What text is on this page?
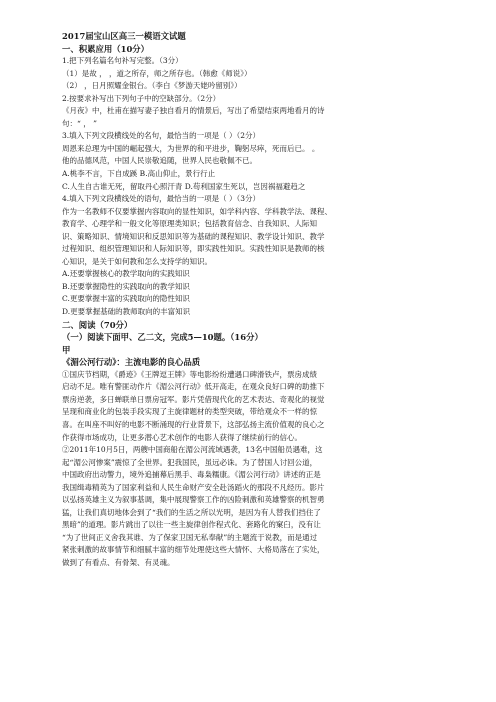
2017届宝山区高三一模语文试题
一、积累应用（10分）
1.把下列名篇名句补写完整。（3分）
（1）是故 ， ，道之所存，师之所存也。（韩愈《师说》）
（2） ，日月照耀金银台。（李白《梦游天姥吟留别》）
2.按要求补写出下列句子中的空缺部分。（2分）
《月夜》中，杜甫在描写妻子独自看月的情景后，写出了希望结束两地看月的诗
句：“ ， ”
3.填入下列文段横线处的名句，最恰当的一项是（ ）（2分）
周恩来总理为中国的崛起强大，为世界的和平进步，鞠躬尽瘁，死而后已。 。
他的品德风范，中国人民崇敬追随，世界人民也敬佩不已。
A.桃李不言，下自成蹊 B.高山仰止，景行行止
C.人生自古谁无死，留取丹心照汗青 D.苟利国家生死以，岂因祸福避趋之
4.填入下列文段横线处的语句，最恰当的一项是（ ）（3分）
作为一名教师不仅要掌握内容取向的显性知识，如学科内容、学科教学法、课程、
教育学、心理学和一般文化等原理类知识；包括教育信念、自我知识、人际知
识、策略知识、情境知识和反思知识等为基础的课程知识、教学设计知识、教学
过程知识、组织管理知识和人际知识等，即实践性知识。实践性知识是教师的核
心知识，是关于如何教和怎么支持学的知识。
A.还要掌握核心的教学取向的实践知识
B.还要掌握隐性的实践取向的教学知识
C.更要掌握丰富的实践取向的隐性知识
D.更要掌握基础的教师取向的丰富知识
二、阅读（70分）
（一）阅读下面甲、乙二文，完成5—10题。（16分）
甲
《湄公河行动》：主流电影的良心品质
①国庆节档期，《爵迹》《王牌逗王牌》等电影纷纷遭遇口碑滑铁卢，票房成绩
启动不足。唯有警匪动作片《湄公河行动》低开高走，在观众良好口碑的助推下
票房逆袭，多日蝉联单日票房冠军。影片凭借现代化的艺术表达、奇观化的视觉
呈现和商业化的包装手段实现了主旋律题材的类型突破，带给观众不一样的惊
喜。在叫座不叫好的电影不断涌现的行业背景下，这部弘扬主流价值观的良心之
作获得市场成功，让更多潜心艺术创作的电影人获得了继续前行的信心。
②2011年10月5日，两艘中国商船在湄公河流域遇袭，13名中国船员遇难，这
起“湄公河惨案”震惊了全世界。犯我国民，虽远必诛。为了替国人讨回公道，
中国政府出动警力，境外追捕幕后黑手、毒枭糯康。《湄公河行动》讲述的正是
我国缉毒精英为了国家利益和人民生命财产安全赴汤蹈火的那段不凡经历。影片
以弘扬英雄主义为叙事基调，集中展现警察工作的凶险刺激和英雄警察的机智勇
猛，让我们真切地体会到了“我们的生活之所以光明，是因为有人替我们挡住了
黑暗”的道理。影片跳出了以往一些主旋律创作程式化、套路化的窠臼，没有让
“为了世间正义舍我其谁、为了保家卫国无私奉献”的主题流于说教，而是通过
紧张刺激的故事情节和细腻丰富的细节处理使这些大情怀、大格局落在了实处，
做到了有看点、有骨架、有灵魂。
